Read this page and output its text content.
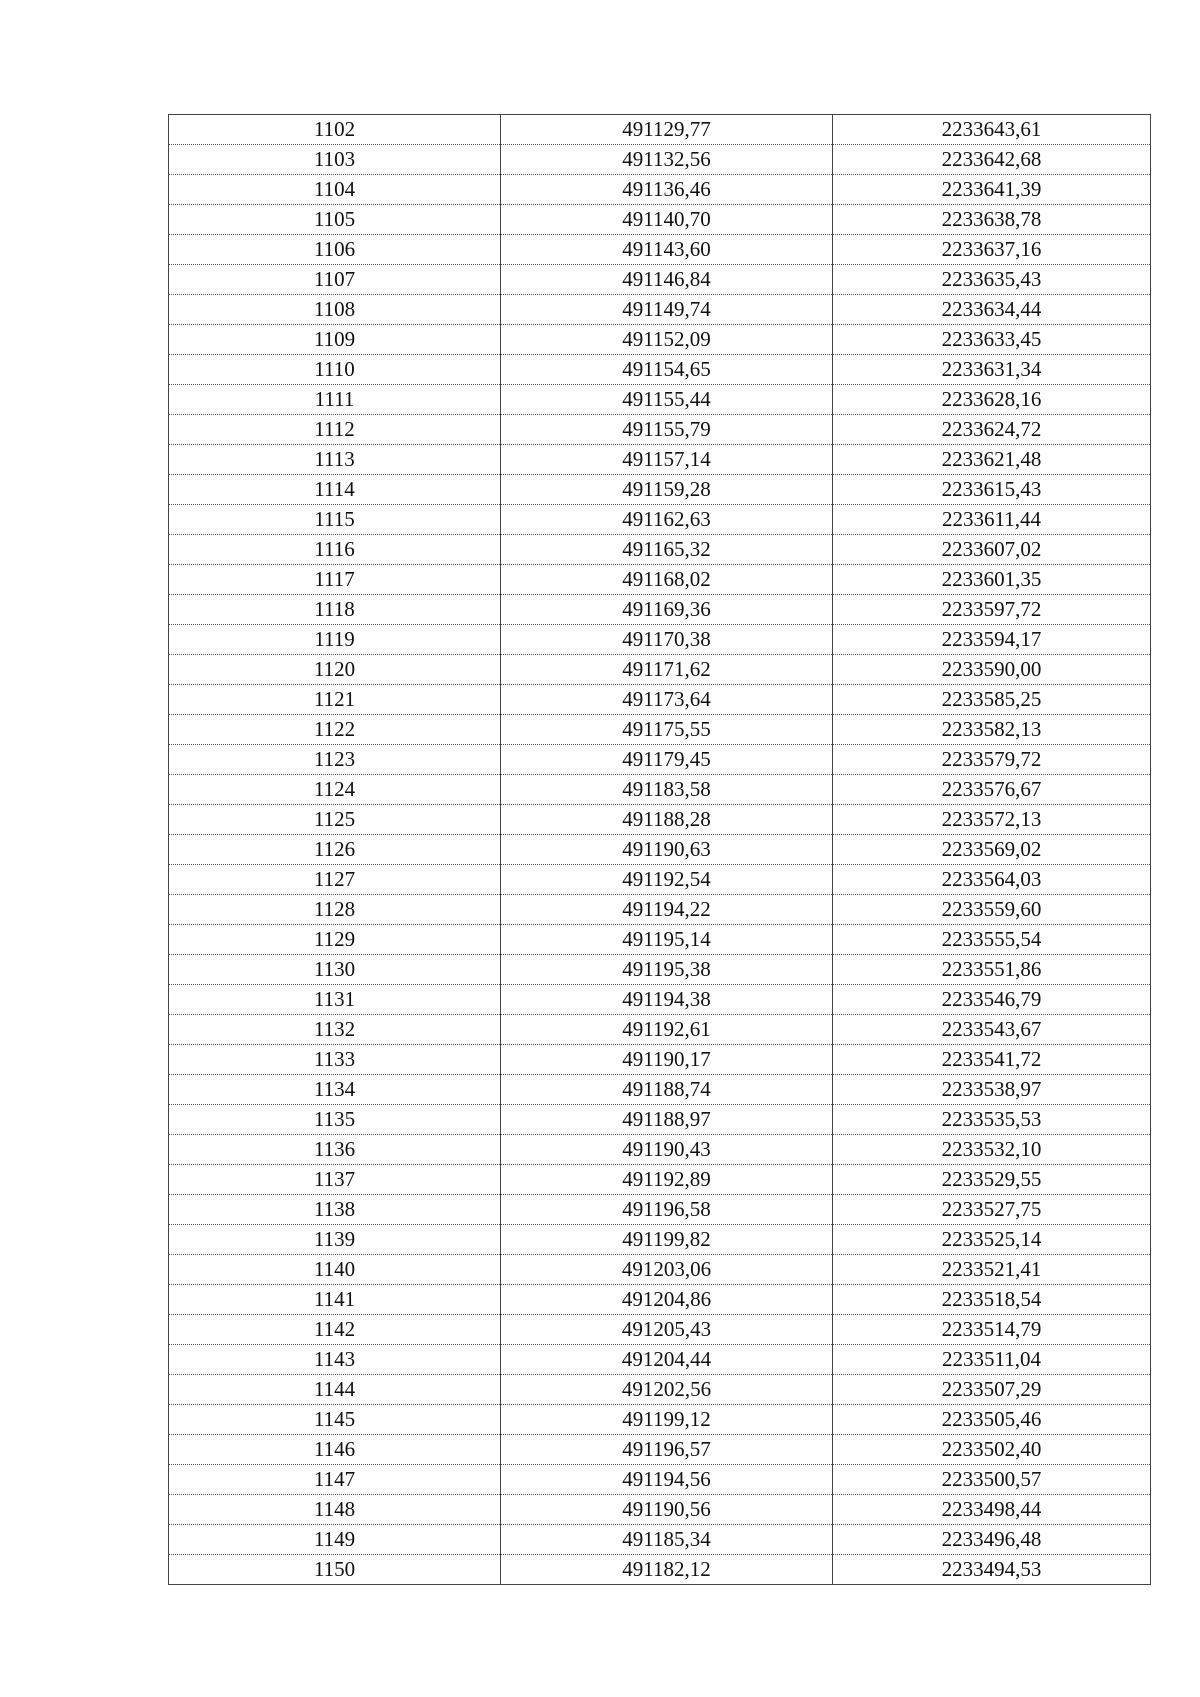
1102	491129,77	2233643,61
1103	491132,56	2233642,68
1104	491136,46	2233641,39
1105	491140,70	2233638,78
1106	491143,60	2233637,16
1107	491146,84	2233635,43
1108	491149,74	2233634,44
1109	491152,09	2233633,45
1110	491154,65	2233631,34
1111	491155,44	2233628,16
1112	491155,79	2233624,72
1113	491157,14	2233621,48
1114	491159,28	2233615,43
1115	491162,63	2233611,44
1116	491165,32	2233607,02
1117	491168,02	2233601,35
1118	491169,36	2233597,72
1119	491170,38	2233594,17
1120	491171,62	2233590,00
1121	491173,64	2233585,25
1122	491175,55	2233582,13
1123	491179,45	2233579,72
1124	491183,58	2233576,67
1125	491188,28	2233572,13
1126	491190,63	2233569,02
1127	491192,54	2233564,03
1128	491194,22	2233559,60
1129	491195,14	2233555,54
1130	491195,38	2233551,86
1131	491194,38	2233546,79
1132	491192,61	2233543,67
1133	491190,17	2233541,72
1134	491188,74	2233538,97
1135	491188,97	2233535,53
1136	491190,43	2233532,10
1137	491192,89	2233529,55
1138	491196,58	2233527,75
1139	491199,82	2233525,14
1140	491203,06	2233521,41
1141	491204,86	2233518,54
1142	491205,43	2233514,79
1143	491204,44	2233511,04
1144	491202,56	2233507,29
1145	491199,12	2233505,46
1146	491196,57	2233502,40
1147	491194,56	2233500,57
1148	491190,56	2233498,44
1149	491185,34	2233496,48
1150	491182,12	2233494,53
